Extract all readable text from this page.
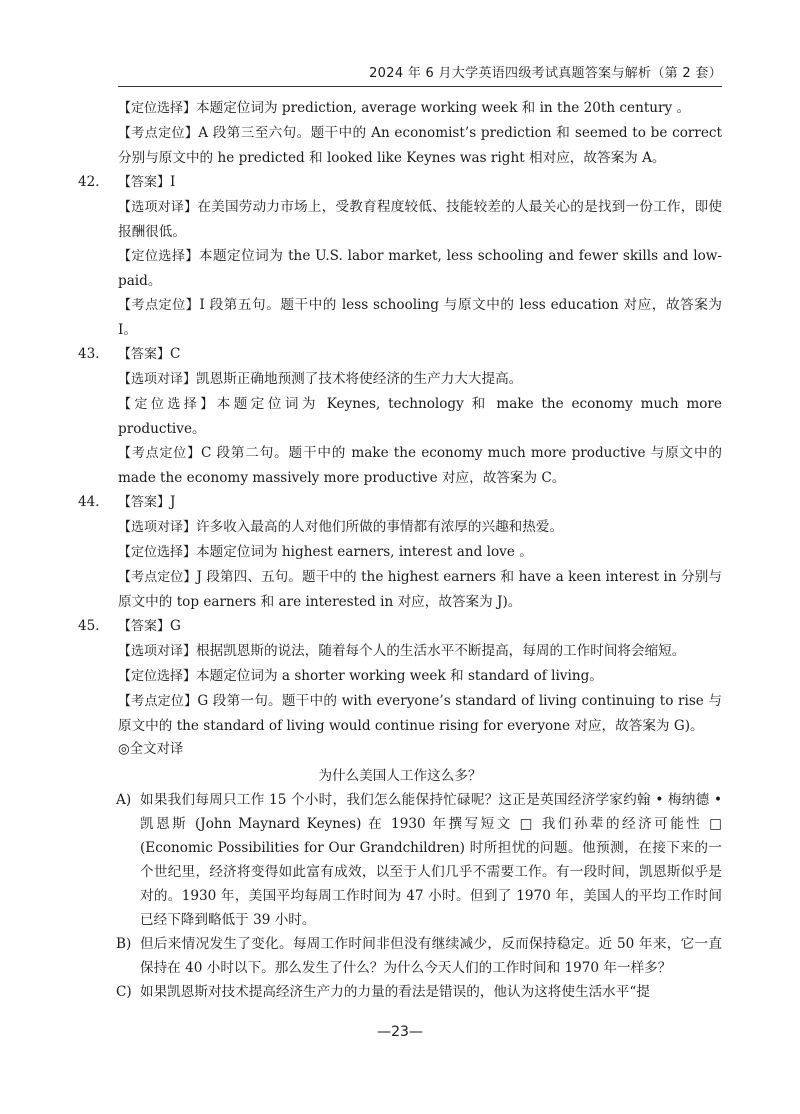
2024 年 6 月大学英语四级考试真题答案与解析（第 2 套）
【定位选择】本题定位词为 prediction, average working week 和 in the 20th century 。
【考点定位】A 段第三至六句。题干中的 An economist’s prediction 和 seemed to be correct 分别与原文中的 he predicted 和 looked like Keynes was right 相对应，故答案为 A。
42． 【答案】I
【选项对译】在美国劳动力市场上，受教育程度较低、技能较差的人最关心的是找到一份工作，即使报酬很低。
【定位选择】本题定位词为 the U.S. labor market, less schooling and fewer skills and low-paid。
【考点定位】I 段第五句。题干中的 less schooling 与原文中的 less education 对应，故答案为 I。
43． 【答案】C
【选项对译】凯恩斯正确地预测了技术将使经济的生产力大大提高。
【定位选择】本题定位词为 Keynes, technology 和 make the economy much more productive。
【考点定位】C 段第二句。题干中的 make the economy much more productive 与原文中的 made the economy massively more productive 对应，故答案为 C。
44． 【答案】J
【选项对译】许多收入最高的人对他们所做的事情都有浓厚的兴趣和热爱。
【定位选择】本题定位词为 highest earners, interest and love 。
【考点定位】J 段第四、五句。题干中的 the highest earners 和 have a keen interest in 分别与原文中的 top earners 和 are interested in 对应，故答案为 J)。
45． 【答案】G
【选项对译】根据凯恩斯的说法，随着每个人的生活水平不断提高，每周的工作时间将会缩短。
【定位选择】本题定位词为 a shorter working week 和 standard of living。
【考点定位】G 段第一句。题干中的 with everyone’s standard of living continuing to rise 与原文中的 the standard of living would continue rising for everyone 对应，故答案为 G)。
◎全文对译
为什么美国人工作这么多？
A) 如果我们每周只工作 15 个小时，我们怎么能保持忙碌呢？这正是英国经济学家约翰 • 梅纳德 • 凯恩斯 (John Maynard Keynes) 在 1930 年撰写短文 □ 我们孙辈的经济可能性 □ (Economic Possibilities for Our Grandchildren) 时所担忧的问题。他预测，在接下来的一个世纪里，经济将变得如此富有成效，以至于人们几乎不需要工作。有一段时间，凯恩斯似乎是对的。1930 年，美国平均每周工作时间为 47 小时。但到了 1970 年，美国人的平均工作时间已经下降到略低于 39 小时。
B) 但后来情况发生了变化。每周工作时间非但没有继续减少，反而保持稳定。近 50 年来，它一直保持在 40 小时以下。那么发生了什么？为什么今天人们的工作时间和 1970 年一样多？
C) 如果凯恩斯对技术提高经济生产力的力量的看法是错误的，他认为这将使生活水平“提
—23—
